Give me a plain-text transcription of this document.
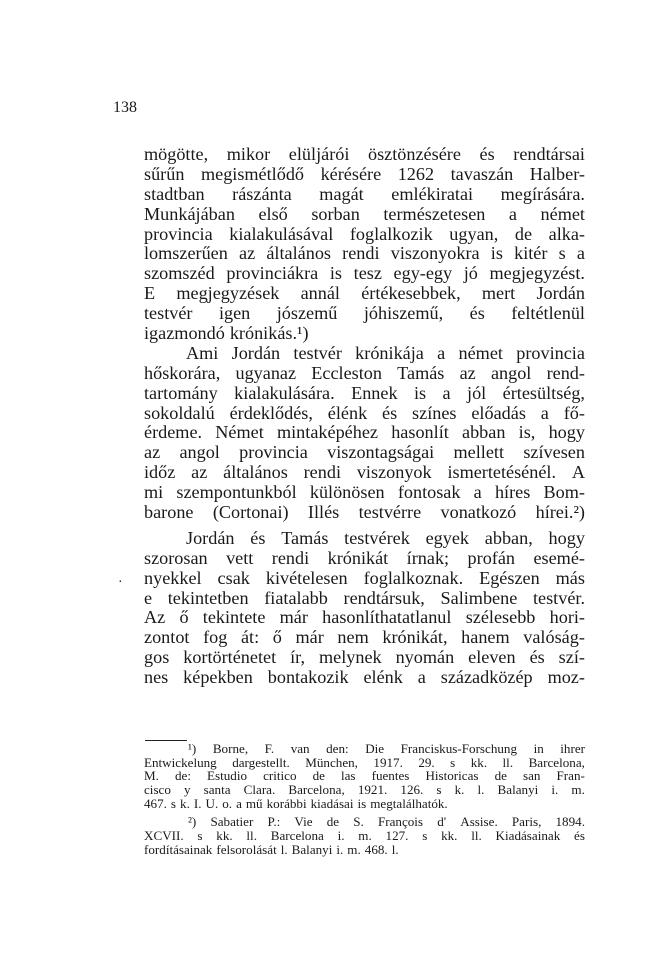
138
mögötte, mikor elüljárói ösztönzésére és rendtársai
sűrűn megismétlődő kérésére 1262 tavaszán Halber-
stadtban rászánta magát emlékiratai megírására.
Munkájában első sorban természetesen a német
provincia kialakulásával foglalkozik ugyan, de alka-
lomszerűen az általános rendi viszonyokra is kitér s a
szomszéd provinciákra is tesz egy-egy jó megjegyzést.
E megjegyzések annál értékesebbek, mert Jordán
testvér igen jószemű jóhiszemű, és feltétlenül
igazmondó krónikás.¹)
Ami Jordán testvér krónikája a német provincia
hőskorára, ugyanaz Eccleston Tamás az angol rend-
tartomány kialakulására. Ennek is a jól értesültség,
sokoldalú érdeklődés, élénk és színes előadás a fő-
érdeme. Német mintaképéhez hasonlít abban is, hogy
az angol provincia viszontagságai mellett szívesen
időz az általános rendi viszonyok ismertetésénél. A
mi szempontunkból különösen fontosak a híres Bom-
barone (Cortonai) Illés testvérre vonatkozó hírei.²)
Jordán és Tamás testvérek egyek abban, hogy
szorosan vett rendi krónikát írnak; profán esemé-
nyekkel csak kivételesen foglalkoznak. Egészen más
e tekintetben fiatalabb rendtársuk, Salimbene testvér.
Az ő tekintete már hasonlíthatatlanul szélesebb hori-
zontot fog át: ő már nem krónikát, hanem valóság-
gos kortörténetet ír, melynek nyomán eleven és szí-
nes képekben bontakozik elénk a századközép moz-
·
¹) Borne, F. van den: Die Franciskus-Forschung in ihrer
Entwickelung dargestellt. München, 1917. 29. s kk. ll. Barcelona,
M. de: Estudio critico de las fuentes Historicas de san Fran-
cisco y santa Clara. Barcelona, 1921. 126. s k. l. Balanyi i. m.
467. s k. I. U. o. a mű korábbi kiadásai is megtalálhatók.
²) Sabatier P.: Vie de S. François d' Assise. Paris, 1894.
XCVII. s kk. ll. Barcelona i. m. 127. s kk. ll. Kiadásainak és
fordításainak felsorolását l. Balanyi i. m. 468. l.
